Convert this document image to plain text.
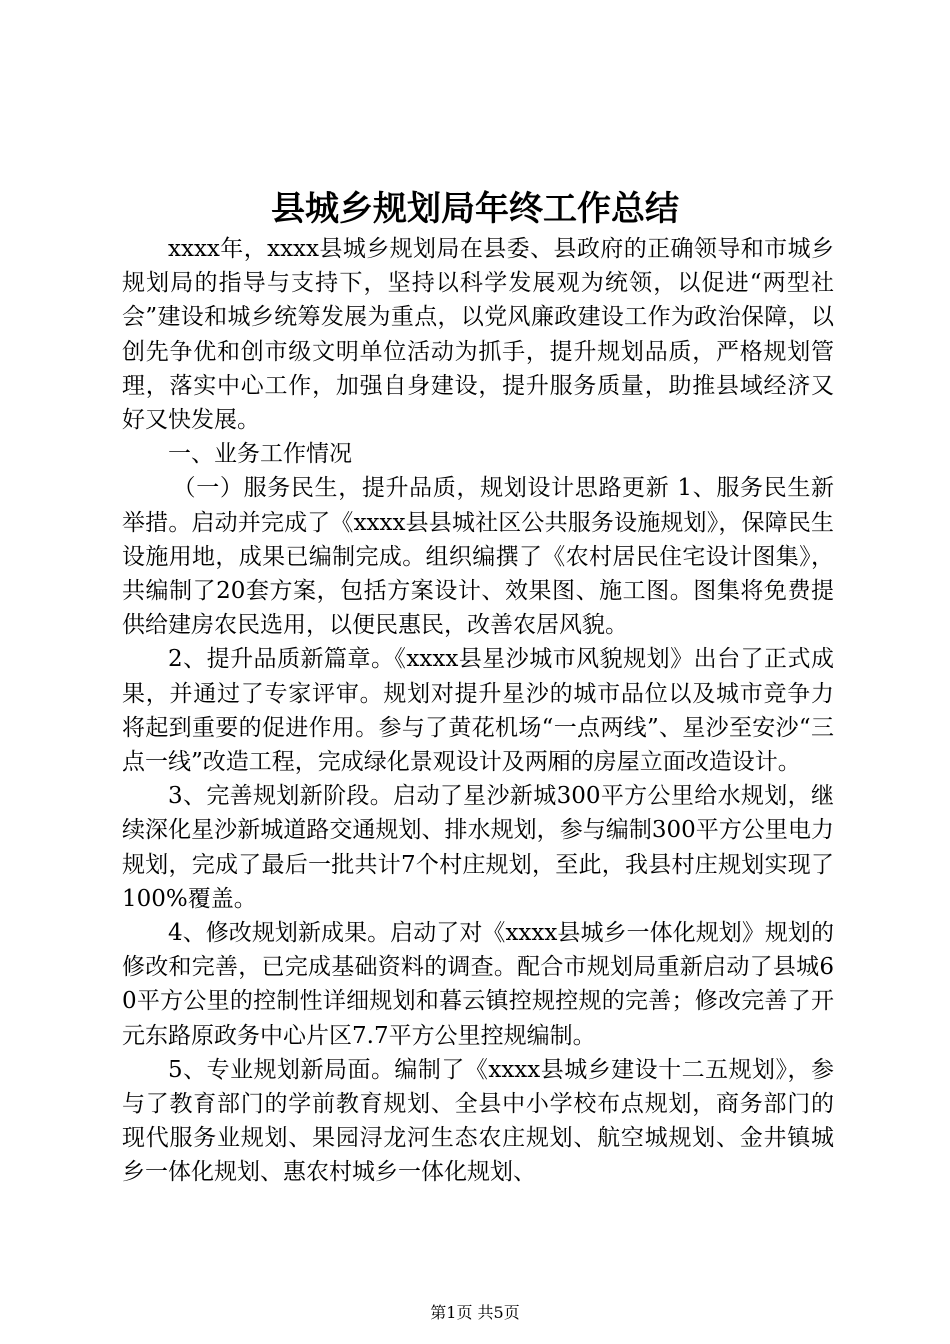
县城乡规划局年终工作总结

xxxx年，xxxx县城乡规划局在县委、县政府的正确领导和市城乡规划局的指导与支持下，坚持以科学发展观为统领，以促进“两型社会”建设和城乡统筹发展为重点，以党风廉政建设工作为政治保障，以创先争优和创市级文明单位活动为抓手，提升规划品质，严格规划管理，落实中心工作，加强自身建设，提升服务质量，助推县域经济又好又快发展。

一、业务工作情况

（一）服务民生，提升品质，规划设计思路更新 1、服务民生新举措。启动并完成了《xxxx县县城社区公共服务设施规划》，保障民生设施用地，成果已编制完成。组织编撰了《农村居民住宅设计图集》，共编制了20套方案，包括方案设计、效果图、施工图。图集将免费提供给建房农民选用，以便民惠民，改善农居风貌。

2、提升品质新篇章。《xxxx县星沙城市风貌规划》出台了正式成果，并通过了专家评审。规划对提升星沙的城市品位以及城市竞争力将起到重要的促进作用。参与了黄花机场“一点两线”、星沙至安沙“三点一线”改造工程，完成绿化景观设计及两厢的房屋立面改造设计。

3、完善规划新阶段。启动了星沙新城300平方公里给水规划，继续深化星沙新城道路交通规划、排水规划，参与编制300平方公里电力规划，完成了最后一批共计7个村庄规划，至此，我县村庄规划实现了100%覆盖。

4、修改规划新成果。启动了对《xxxx县城乡一体化规划》规划的修改和完善，已完成基础资料的调查。配合市规划局重新启动了县城60平方公里的控制性详细规划和暮云镇控规控规的完善；修改完善了开元东路原政务中心片区7.7平方公里控规编制。

5、专业规划新局面。编制了《xxxx县城乡建设十二五规划》，参与了教育部门的学前教育规划、全县中小学校布点规划，商务部门的现代服务业规划、果园浔龙河生态农庄规划、航空城规划、金井镇城乡一体化规划、惠农村城乡一体化规划、

第1页 共5页
